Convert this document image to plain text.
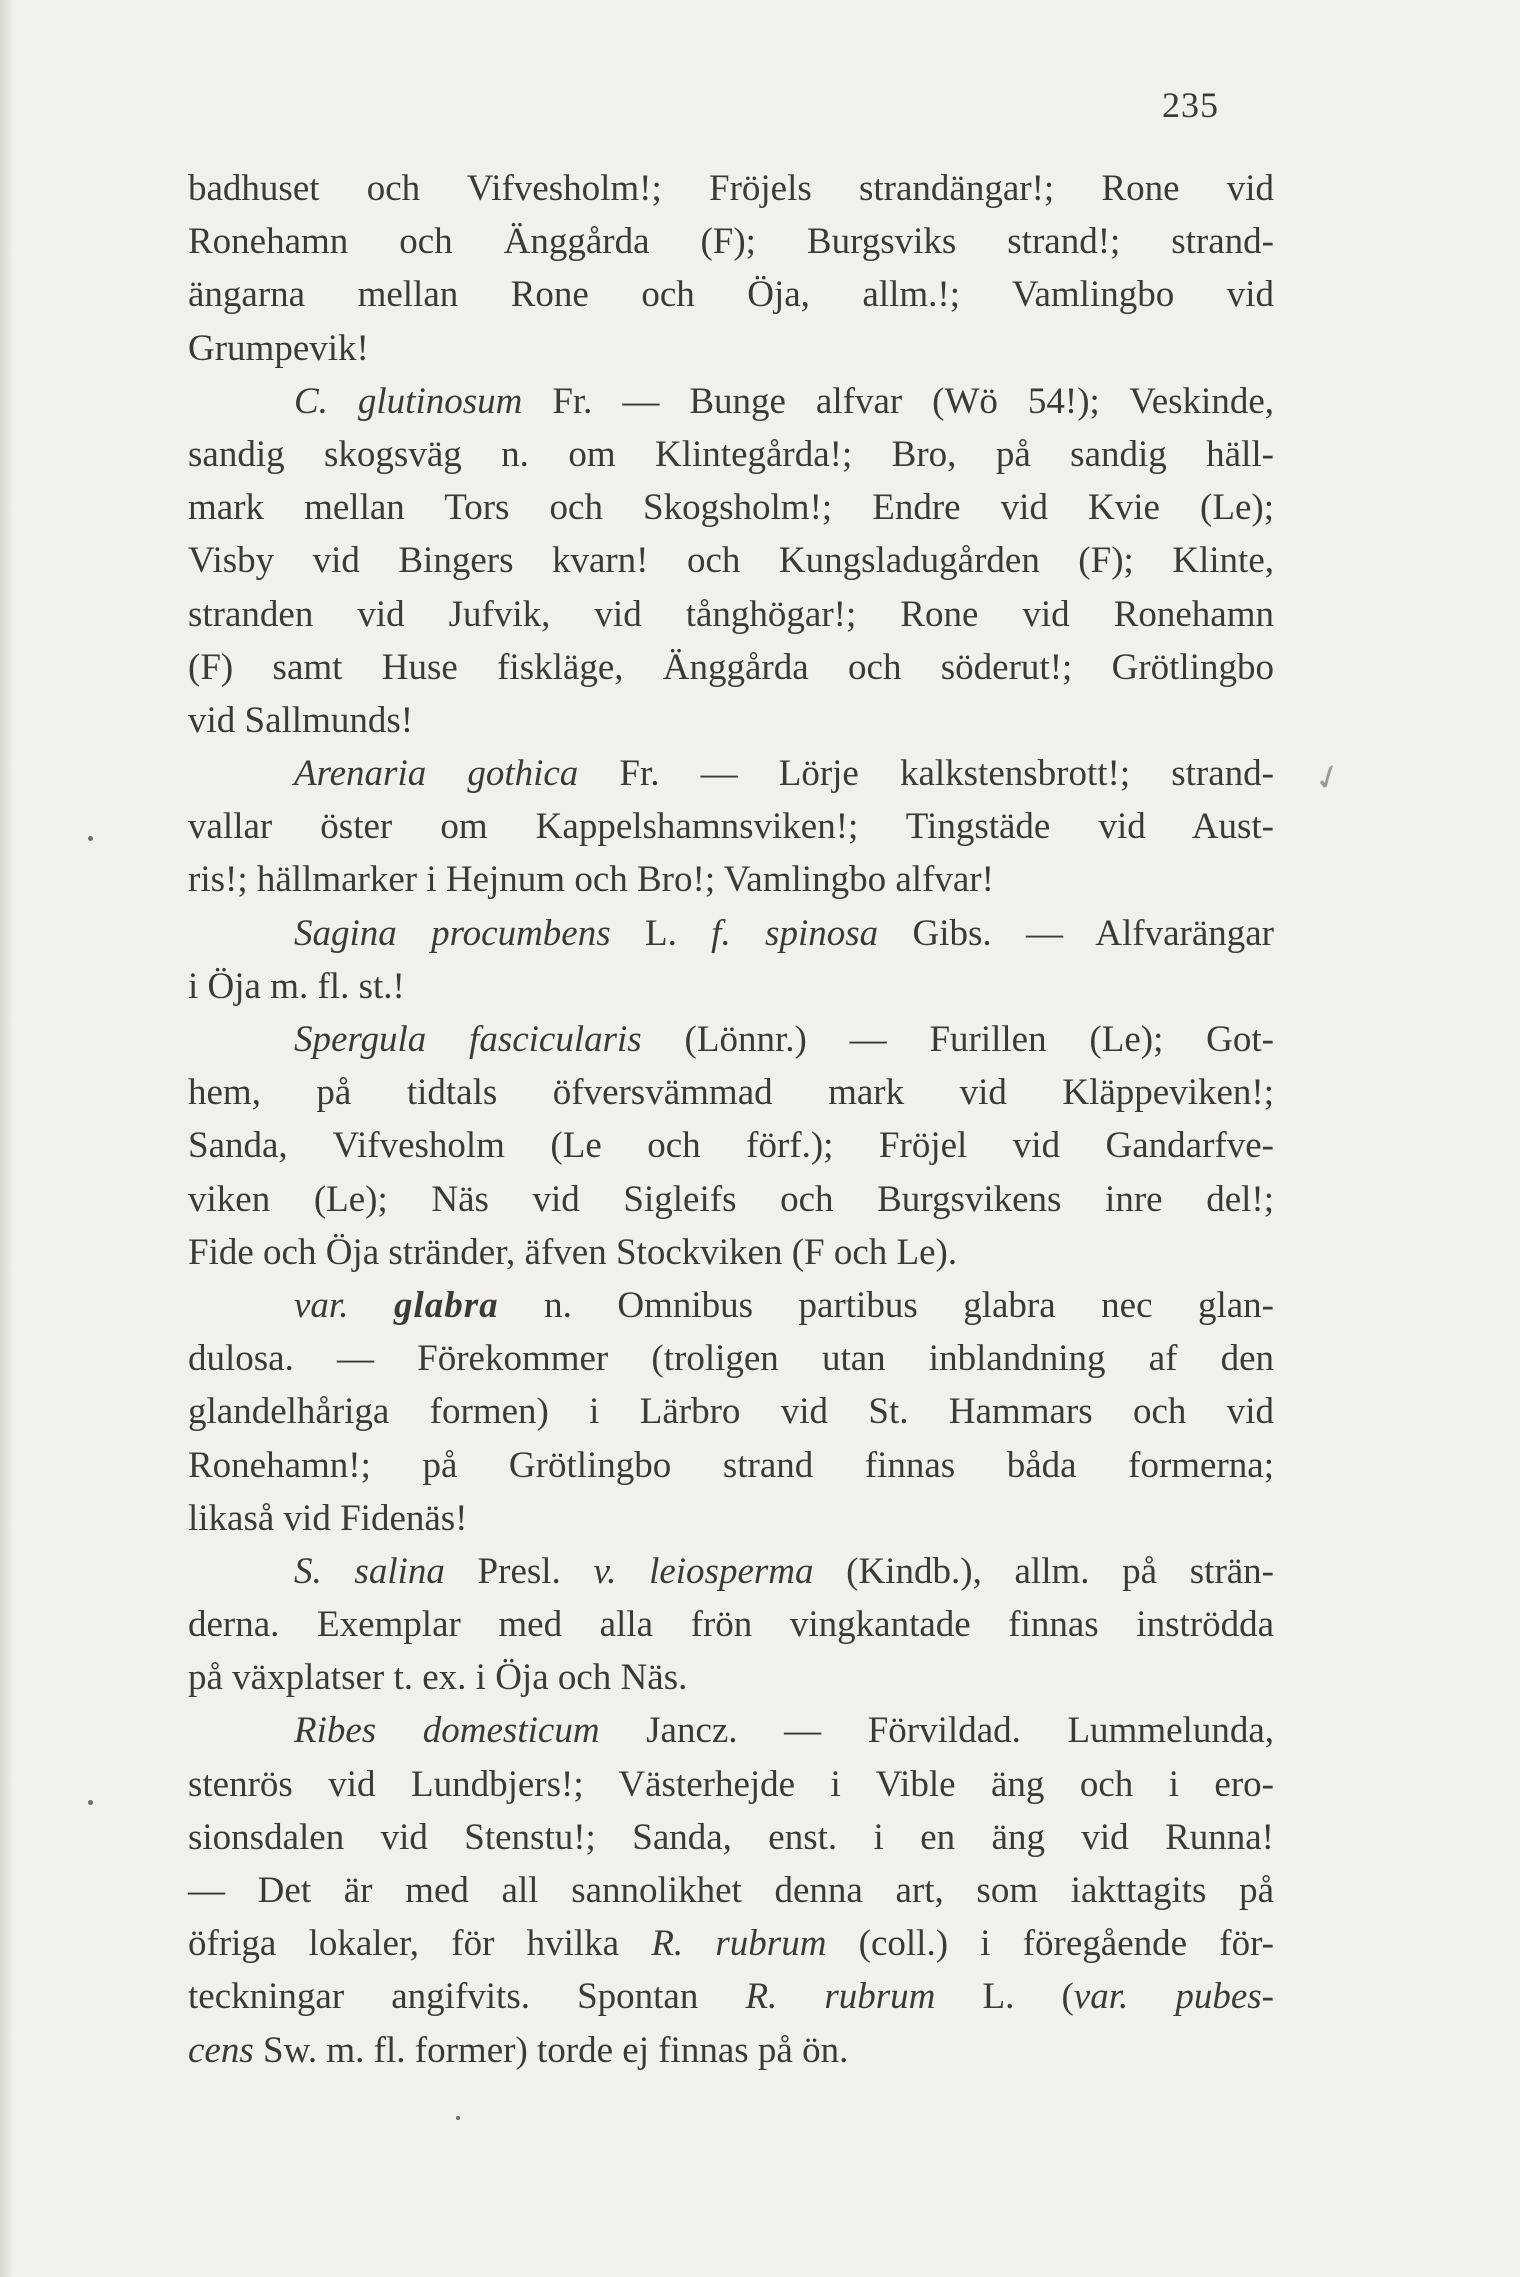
235
✓
badhuset och Vifvesholm!; Fröjels strandängar!; Rone vid
Ronehamn och Änggårda (F); Burgsviks strand!; strand-
ängarna mellan Rone och Öja, allm.!; Vamlingbo vid
Grumpevik!
C. glutinosum Fr. — Bunge alfvar (Wö 54!); Veskinde,
sandig skogsväg n. om Klintegårda!; Bro, på sandig häll-
mark mellan Tors och Skogsholm!; Endre vid Kvie (Le);
Visby vid Bingers kvarn! och Kungsladugården (F); Klinte,
stranden vid Jufvik, vid tånghögar!; Rone vid Ronehamn
(F) samt Huse fiskläge, Änggårda och söderut!; Grötlingbo
vid Sallmunds!
Arenaria gothica Fr. — Lörje kalkstensbrott!; strand-
vallar öster om Kappelshamnsviken!; Tingstäde vid Aust-
ris!; hällmarker i Hejnum och Bro!; Vamlingbo alfvar!
Sagina procumbens L. f. spinosa Gibs. — Alfvarängar
i Öja m. fl. st.!
Spergula fascicularis (Lönnr.) — Furillen (Le); Got-
hem, på tidtals öfversvämmad mark vid Kläppeviken!;
Sanda, Vifvesholm (Le och förf.); Fröjel vid Gandarfve-
viken (Le); Näs vid Sigleifs och Burgsvikens inre del!;
Fide och Öja stränder, äfven Stockviken (F och Le).
var. glabra n. Omnibus partibus glabra nec glan-
dulosa. — Förekommer (troligen utan inblandning af den
glandelhåriga formen) i Lärbro vid St. Hammars och vid
Ronehamn!; på Grötlingbo strand finnas båda formerna;
likaså vid Fidenäs!
S. salina Presl. v. leiosperma (Kindb.), allm. på strän-
derna. Exemplar med alla frön vingkantade finnas inströdda
på växplatser t. ex. i Öja och Näs.
Ribes domesticum Jancz. — Förvildad. Lummelunda,
stenrös vid Lundbjers!; Västerhejde i Vible äng och i ero-
sionsdalen vid Stenstu!; Sanda, enst. i en äng vid Runna!
— Det är med all sannolikhet denna art, som iakttagits på
öfriga lokaler, för hvilka R. rubrum (coll.) i föregående för-
teckningar angifvits. Spontan R. rubrum L. (var. pubes-
cens Sw. m. fl. former) torde ej finnas på ön.
